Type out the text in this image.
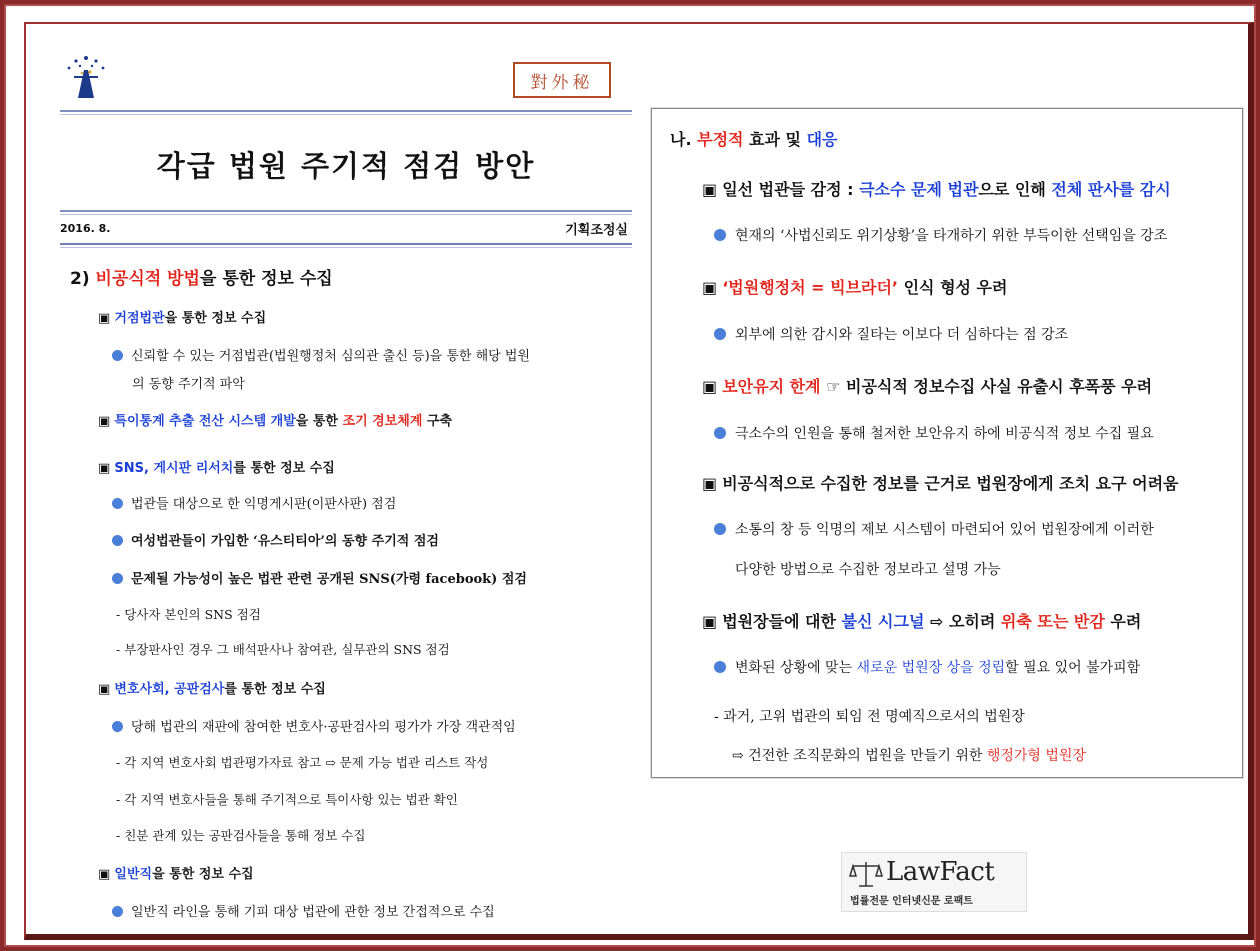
對外秘
각급 법원 주기적 점검 방안
2016. 8.	기획조정실
2) 비공식적 방법을 통한 정보 수집
▣ 거점법관을 통한 정보 수집
신뢰할 수 있는 거점법관(법원행정처 심의관 출신 등)을 통한 해당 법원
의 동향 주기적 파악
▣ 특이통계 추출 전산 시스템 개발을 통한 조기 경보체계 구축
▣ SNS, 게시판 리서치를 통한 정보 수집
법관들 대상으로 한 익명게시판(이판사판) 점검
여성법관들이 가입한 ‘유스티티아’의 동향 주기적 점검
문제될 가능성이 높은 법관 관련 공개된 SNS(가령 facebook) 점검
- 당사자 본인의 SNS 점검
- 부장판사인 경우 그 배석판사나 참여관, 실무관의 SNS 점검
▣ 변호사회, 공판검사를 통한 정보 수집
당해 법관의 재판에 참여한 변호사·공판검사의 평가가 가장 객관적임
- 각 지역 변호사회 법관평가자료 참고 ⇨ 문제 가능 법관 리스트 작성
- 각 지역 변호사들을 통해 주기적으로 특이사항 있는 법관 확인
- 친분 관계 있는 공판검사들을 통해 정보 수집
▣ 일반직을 통한 정보 수집
일반직 라인을 통해 기피 대상 법관에 관한 정보 간접적으로 수집
나. 부정적 효과 및 대응
▣ 일선 법관들 감정 : 극소수 문제 법관으로 인해 전체 판사를 감시
현재의 ‘사법신뢰도 위기상황’을 타개하기 위한 부득이한 선택임을 강조
▣ ‘법원행정처 = 빅브라더’ 인식 형성 우려
외부에 의한 감시와 질타는 이보다 더 심하다는 점 강조
▣ 보안유지 한계 ☞ 비공식적 정보수집 사실 유출시 후폭풍 우려
극소수의 인원을 통해 철저한 보안유지 하에 비공식적 정보 수집 필요
▣ 비공식적으로 수집한 정보를 근거로 법원장에게 조치 요구 어려움
소통의 창 등 익명의 제보 시스템이 마련되어 있어 법원장에게 이러한
다양한 방법으로 수집한 정보라고 설명 가능
▣ 법원장들에 대한 불신 시그널 ⇨ 오히려 위축 또는 반감 우려
변화된 상황에 맞는 새로운 법원장 상을 정립할 필요 있어 불가피함
- 과거, 고위 법관의 퇴임 전 명예직으로서의 법원장
⇨ 건전한 조직문화의 법원을 만들기 위한 행정가형 법원장
LawFact
법률전문 인터넷신문 로팩트
